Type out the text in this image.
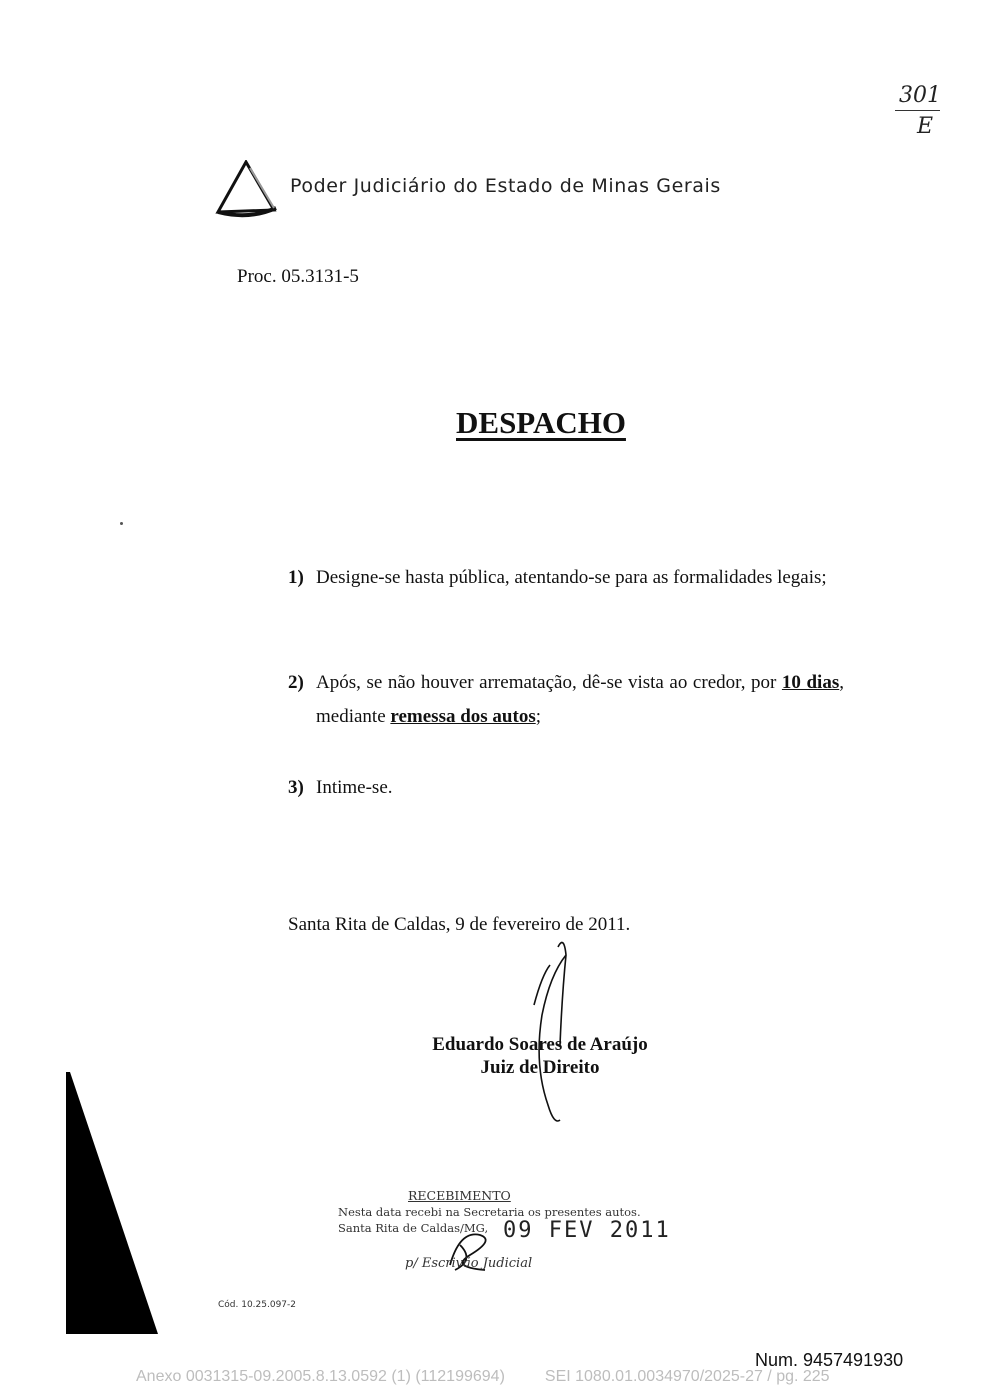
301
E
Poder Judiciário do Estado de Minas Gerais
Proc. 05.3131-5
DESPACHO
1) Designe-se hasta pública, atentando-se para as formalidades legais;
2) Após, se não houver arrematação, dê-se vista ao credor, por 10 dias, mediante remessa dos autos;
3) Intime-se.
Santa Rita de Caldas, 9 de fevereiro de 2011.
Eduardo Soares de Araújo
Juiz de Direito
RECEBIMENTO
Nesta data recebi na Secretaria os presentes autos.
Santa Rita de Caldas/MG, 09 FEV 2011
p/ Escrivão Judicial
Cód. 10.25.097-2
Num. 9457491930
Anexo 0031315-09.2005.8.13.0592 (1) (112199694)	SEI 1080.01.0034970/2025-27 / pg. 225
